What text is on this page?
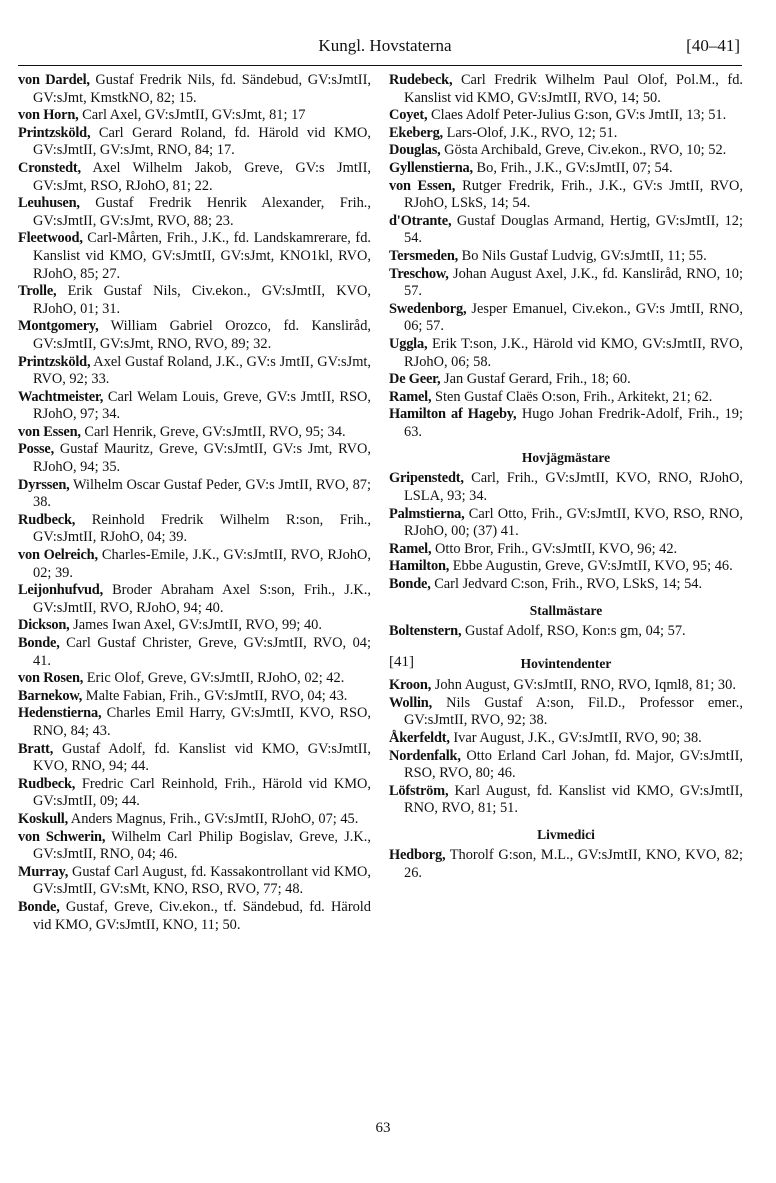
Kungl. Hovstaterna	[40–41]
von Dardel, Gustaf Fredrik Nils, fd. Sändebud, GV:sJmtII, GV:sJmt, KmstkNO, 82; 15.
von Horn, Carl Axel, GV:sJmtII, GV:sJmt, 81; 17
Printzsköld, Carl Gerard Roland, fd. Härold vid KMO, GV:sJmtII, GV:sJmt, RNO, 84; 17.
Cronstedt, Axel Wilhelm Jakob, Greve, GV:s JmtII, GV:sJmt, RSO, RJohO, 81; 22.
Leuhusen, Gustaf Fredrik Henrik Alexander, Frih., GV:sJmtII, GV:sJmt, RVO, 88; 23.
Fleetwood, Carl-Mårten, Frih., J.K., fd. Landskamrerare, fd. Kanslist vid KMO, GV:sJmtII, GV:sJmt, KNO1kl, RVO, RJohO, 85; 27.
Trolle, Erik Gustaf Nils, Civ.ekon., GV:sJmtII, KVO, RJohO, 01; 31.
Montgomery, William Gabriel Orozco, fd. Kansliråd, GV:sJmtII, GV:sJmt, RNO, RVO, 89; 32.
Printzsköld, Axel Gustaf Roland, J.K., GV:s JmtII, GV:sJmt, RVO, 92; 33.
Wachtmeister, Carl Welam Louis, Greve, GV:s JmtII, RSO, RJohO, 97; 34.
von Essen, Carl Henrik, Greve, GV:sJmtII, RVO, 95; 34.
Posse, Gustaf Mauritz, Greve, GV:sJmtII, GV:s Jmt, RVO, RJohO, 94; 35.
Dyrssen, Wilhelm Oscar Gustaf Peder, GV:s JmtII, RVO, 87; 38.
Rudbeck, Reinhold Fredrik Wilhelm R:son, Frih., GV:sJmtII, RJohO, 04; 39.
von Oelreich, Charles-Emile, J.K., GV:sJmtII, RVO, RJohO, 02; 39.
Leijonhufvud, Broder Abraham Axel S:son, Frih., J.K., GV:sJmtII, RVO, RJohO, 94; 40.
Dickson, James Iwan Axel, GV:sJmtII, RVO, 99; 40.
Bonde, Carl Gustaf Christer, Greve, GV:sJmtII, RVO, 04; 41.
von Rosen, Eric Olof, Greve, GV:sJmtII, RJohO, 02; 42.
Barnekow, Malte Fabian, Frih., GV:sJmtII, RVO, 04; 43.
Hedenstierna, Charles Emil Harry, GV:sJmtII, KVO, RSO, RNO, 84; 43.
Bratt, Gustaf Adolf, fd. Kanslist vid KMO, GV:sJmtII, KVO, RNO, 94; 44.
Rudbeck, Fredric Carl Reinhold, Frih., Härold vid KMO, GV:sJmtII, 09; 44.
Koskull, Anders Magnus, Frih., GV:sJmtII, RJohO, 07; 45.
von Schwerin, Wilhelm Carl Philip Bogislav, Greve, J.K., GV:sJmtII, RNO, 04; 46.
Murray, Gustaf Carl August, fd. Kassakontrollant vid KMO, GV:sJmtII, GV:sMt, KNO, RSO, RVO, 77; 48.
Bonde, Gustaf, Greve, Civ.ekon., tf. Sändebud, fd. Härold vid KMO, GV:sJmtII, KNO, 11; 50.
Rudebeck, Carl Fredrik Wilhelm Paul Olof, Pol.M., fd. Kanslist vid KMO, GV:sJmtII, RVO, 14; 50.
Coyet, Claes Adolf Peter-Julius G:son, GV:s JmtII, 13; 51.
Ekeberg, Lars-Olof, J.K., RVO, 12; 51.
Douglas, Gösta Archibald, Greve, Civ.ekon., RVO, 10; 52.
Gyllenstierna, Bo, Frih., J.K., GV:sJmtII, 07; 54.
von Essen, Rutger Fredrik, Frih., J.K., GV:s JmtII, RVO, RJohO, LSkS, 14; 54.
d'Otrante, Gustaf Douglas Armand, Hertig, GV:sJmtII, 12; 54.
Tersmeden, Bo Nils Gustaf Ludvig, GV:sJmtII, 11; 55.
Treschow, Johan August Axel, J.K., fd. Kansliråd, RNO, 10; 57.
Swedenborg, Jesper Emanuel, Civ.ekon., GV:s JmtII, RNO, 06; 57.
Uggla, Erik T:son, J.K., Härold vid KMO, GV:sJmtII, RVO, RJohO, 06; 58.
De Geer, Jan Gustaf Gerard, Frih., 18; 60.
Ramel, Sten Gustaf Claës O:son, Frih., Arkitekt, 21; 62.
Hamilton af Hageby, Hugo Johan Fredrik-Adolf, Frih., 19; 63.
Hovjägmästare
Gripenstedt, Carl, Frih., GV:sJmtII, KVO, RNO, RJohO, LSLA, 93; 34.
Palmstierna, Carl Otto, Frih., GV:sJmtII, KVO, RSO, RNO, RJohO, 00; (37) 41.
Ramel, Otto Bror, Frih., GV:sJmtII, KVO, 96; 42.
Hamilton, Ebbe Augustin, Greve, GV:sJmtII, KVO, 95; 46.
Bonde, Carl Jedvard C:son, Frih., RVO, LSkS, 14; 54.
Stallmästare
Boltenstern, Gustaf Adolf, RSO, Kon:s gm, 04; 57.
[41]	Hovintendenter
Kroon, John August, GV:sJmtII, RNO, RVO, Iqml8, 81; 30.
Wollin, Nils Gustaf A:son, Fil.D., Professor emer., GV:sJmtII, RVO, 92; 38.
Åkerfeldt, Ivar August, J.K., GV:sJmtII, RVO, 90; 38.
Nordenfalk, Otto Erland Carl Johan, fd. Major, GV:sJmtII, RSO, RVO, 80; 46.
Löfström, Karl August, fd. Kanslist vid KMO, GV:sJmtII, RNO, RVO, 81; 51.
Livmedici
Hedborg, Thorolf G:son, M.L., GV:sJmtII, KNO, KVO, 82; 26.
63
